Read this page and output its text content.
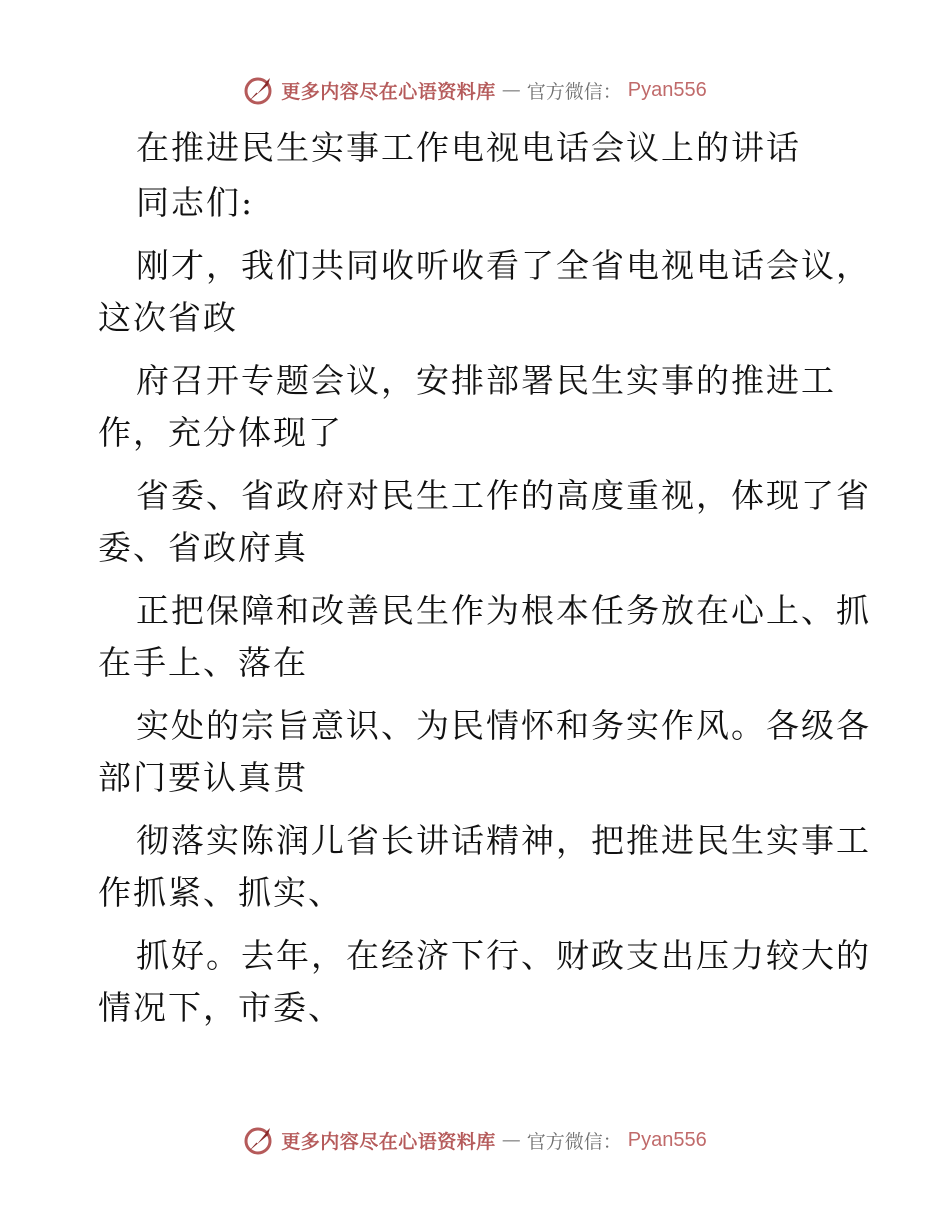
更多内容尽在心语资料库 — 官方微信： Pyan556
在推进民生实事工作电视电话会议上的讲话
同志们:
刚才，我们共同收听收看了全省电视电话会议，
这次省政
府召开专题会议，安排部署民生实事的推进工
作，充分体现了
省委、省政府对民生工作的高度重视，体现了省
委、省政府真
正把保障和改善民生作为根本任务放在心上、抓
在手上、落在
实处的宗旨意识、为民情怀和务实作风。各级各
部门要认真贯
彻落实陈润儿省长讲话精神，把推进民生实事工
作抓紧、抓实、
抓好。去年，在经济下行、财政支出压力较大的
情况下，市委、
更多内容尽在心语资料库 — 官方微信： Pyan556
